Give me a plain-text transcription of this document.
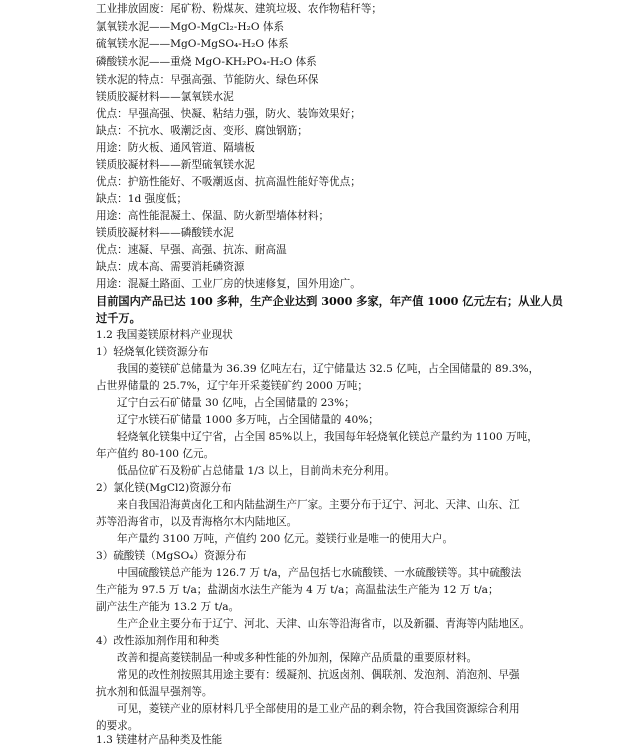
工业排放固废：尾矿粉、粉煤灰、建筑垃圾、农作物秸秆等；
氯氧镁水泥——MgO-MgCl₂-H₂O 体系
硫氧镁水泥——MgO-MgSO₄-H₂O 体系
磷酸镁水泥——重烧 MgO-KH₂PO₄-H₂O 体系
镁水泥的特点：早强高强、节能防火、绿色环保
镁质胶凝材料——氯氧镁水泥
优点：早强高强、快凝、粘结力强，防火、装饰效果好；
缺点：不抗水、吸潮泛卤、变形、腐蚀钢筋；
用途：防火板、通风管道、隔墙板
镁质胶凝材料——新型硫氧镁水泥
优点：护筋性能好、不吸潮返卤、抗高温性能好等优点；
缺点：1d 强度低；
用途：高性能混凝土、保温、防火新型墙体材料；
镁质胶凝材料——磷酸镁水泥
优点：速凝、早强、高强、抗冻、耐高温
缺点：成本高、需要消耗磷资源
用途：混凝土路面、工业厂房的快速修复，国外用途广。
目前国内产品已达 100 多种，生产企业达到 3000 多家，年产值 1000 亿元左右；从业人员
过千万。
1.2 我国菱镁原材料产业现状
1）轻烧氧化镁资源分布
我国的菱镁矿总储量为 36.39 亿吨左右，辽宁储量达 32.5 亿吨，占全国储量的 89.3%，
占世界储量的 25.7%，辽宁年开采菱镁矿约 2000 万吨；
辽宁白云石矿储量 30 亿吨，占全国储量的 23%；
辽宁水镁石矿储量 1000 多万吨，占全国储量的 40%；
轻烧氧化镁集中辽宁省，占全国 85%以上，我国每年轻烧氧化镁总产量约为 1100 万吨，
年产值约 80-100 亿元。
低品位矿石及粉矿占总储量 1/3 以上，目前尚未充分利用。
2）氯化镁(MgCl2)资源分布
来自我国沿海黄卤化工和内陆盐湖生产厂家。主要分布于辽宁、河北、天津、山东、江
苏等沿海省市，以及青海格尔木内陆地区。
年产量约 3100 万吨，产值约 200 亿元。菱镁行业是唯一的使用大户。
3）硫酸镁（MgSO₄）资源分布
中国硫酸镁总产能为 126.7 万 t/a，产品包括七水硫酸镁、一水硫酸镁等。其中硫酸法
生产能为 97.5 万 t/a；盐湖卤水法生产能为 4 万 t/a；高温盐法生产能为 12 万 t/a；
副产法生产能为 13.2 万 t/a。
生产企业主要分布于辽宁、河北、天津、山东等沿海省市，以及新疆、青海等内陆地区。
4）改性添加剂作用和种类
改善和提高菱镁制品一种或多种性能的外加剂，保障产品质量的重要原材料。
常见的改性剂按照其用途主要有：缓凝剂、抗返卤剂、偶联剂、发泡剂、消泡剂、早强
抗水剂和低温早强剂等。
可见，菱镁产业的原材料几乎全部使用的是工业产品的剩余物，符合我国资源综合利用
的要求。
1.3 镁建材产品种类及性能
